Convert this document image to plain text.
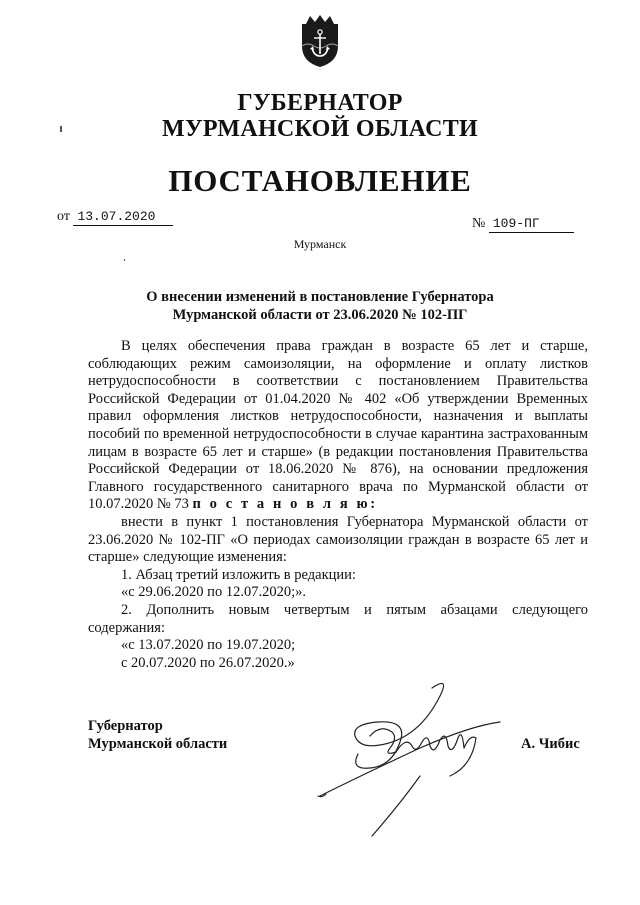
ГУБЕРНАТОР
МУРМАНСКОЙ ОБЛАСТИ
ПОСТАНОВЛЕНИЕ
от 13.07.2020	№ 109-ПГ
Мурманск
О внесении изменений в постановление Губернатора
Мурманской области от 23.06.2020 № 102-ПГ

В целях обеспечения права граждан в возрасте 65 лет и старше, соблюдающих режим самоизоляции, на оформление и оплату листков нетрудоспособности в соответствии с постановлением Правительства Российской Федерации от 01.04.2020 № 402 «Об утверждении Временных правил оформления листков нетрудоспособности, назначения и выплаты пособий по временной нетрудоспособности в случае карантина застрахованным лицам в возрасте 65 лет и старше» (в редакции постановления Правительства Российской Федерации от 18.06.2020 № 876), на основании предложения Главного государственного санитарного врача по Мурманской области от 10.07.2020 № 73 п о с т а н о в л я ю:

внести в пункт 1 постановления Губернатора Мурманской области от 23.06.2020 № 102-ПГ «О периодах самоизоляции граждан в возрасте 65 лет и старше» следующие изменения:

1. Абзац третий изложить в редакции:

«с 29.06.2020 по 12.07.2020;».

2. Дополнить новым четвертым и пятым абзацами следующего содержания:

«с 13.07.2020 по 19.07.2020;

с 20.07.2020 по 26.07.2020.»

Губернатор
Мурманской области	А. Чибис
